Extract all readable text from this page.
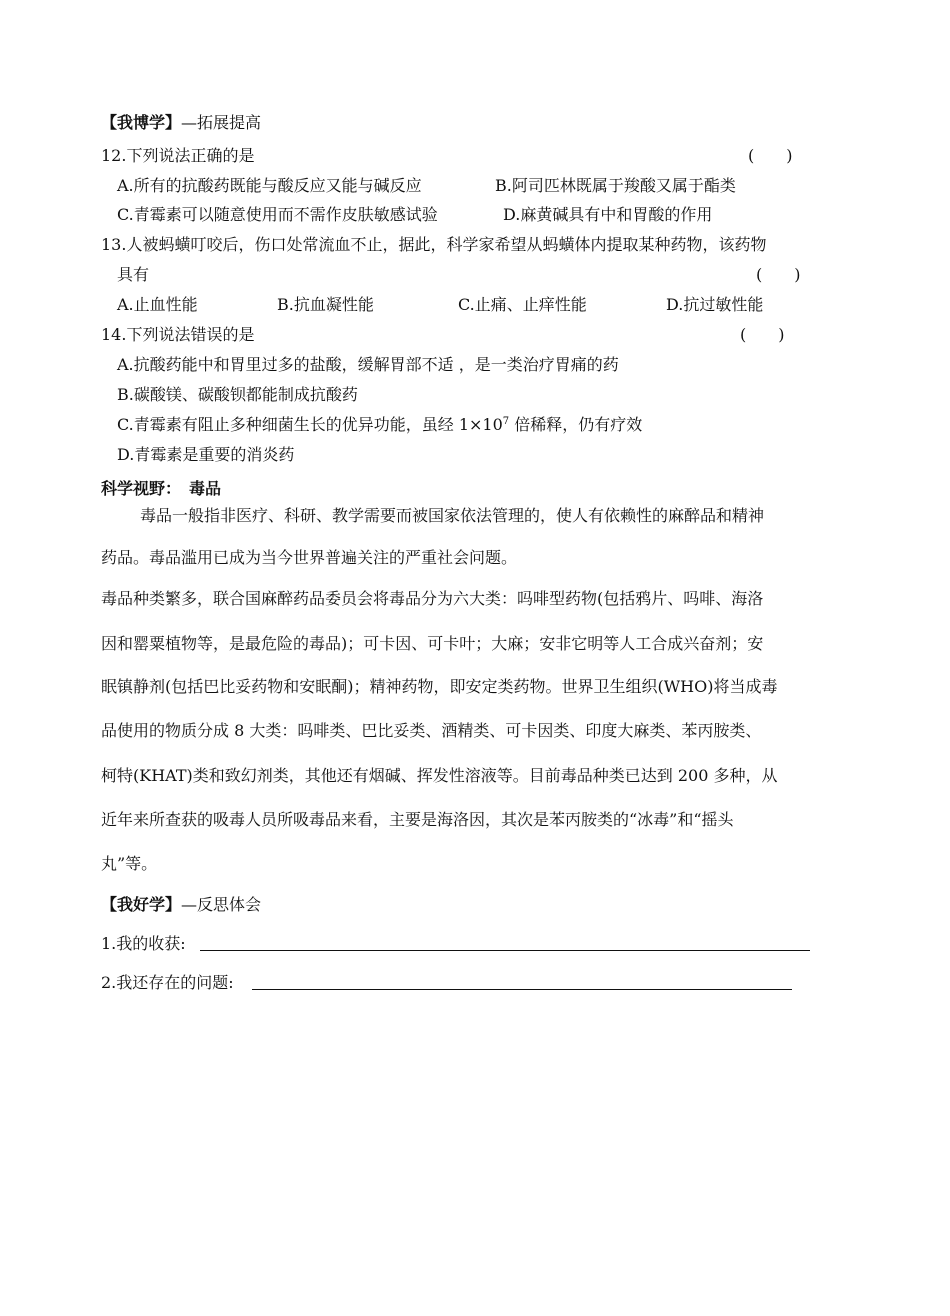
【我博学】—拓展提高
12.下列说法正确的是	(　　)
A.所有的抗酸药既能与酸反应又能与碱反应	B.阿司匹林既属于羧酸又属于酯类
C.青霉素可以随意使用而不需作皮肤敏感试验	D.麻黄碱具有中和胃酸的作用
13.人被蚂蟥叮咬后，伤口处常流血不止，据此，科学家希望从蚂蟥体内提取某种药物，该药物
具有	(　　)
A.止血性能	B.抗血凝性能	C.止痛、止痒性能	D.抗过敏性能
14.下列说法错误的是	(　　)
A.抗酸药能中和胃里过多的盐酸，缓解胃部不适 ，是一类治疗胃痛的药
B.碳酸镁、碳酸钡都能制成抗酸药
C.青霉素有阻止多种细菌生长的优异功能，虽经 $1\times 10^7$ 倍稀释，仍有疗效
D.青霉素是重要的消炎药
科学视野：　毒品
毒品一般指非医疗、科研、教学需要而被国家依法管理的，使人有依赖性的麻醉品和精神
药品。毒品滥用已成为当今世界普遍关注的严重社会问题。
毒品种类繁多，联合国麻醉药品委员会将毒品分为六大类：吗啡型药物(包括鸦片、吗啡、海洛
因和罂粟植物等，是最危险的毒品)；可卡因、可卡叶；大麻；安非它明等人工合成兴奋剂；安
眠镇静剂(包括巴比妥药物和安眠酮)；精神药物，即安定类药物。世界卫生组织(WHO)将当成毒
品使用的物质分成 8 大类：吗啡类、巴比妥类、酒精类、可卡因类、印度大麻类、苯丙胺类、
柯特(KHAT)类和致幻剂类，其他还有烟碱、挥发性溶液等。目前毒品种类已达到 200 多种，从
近年来所查获的吸毒人员所吸毒品来看，主要是海洛因，其次是苯丙胺类的“冰毒”和“摇头
丸”等。
【我好学】—反思体会
1.我的收获:
2.我还存在的问题:
